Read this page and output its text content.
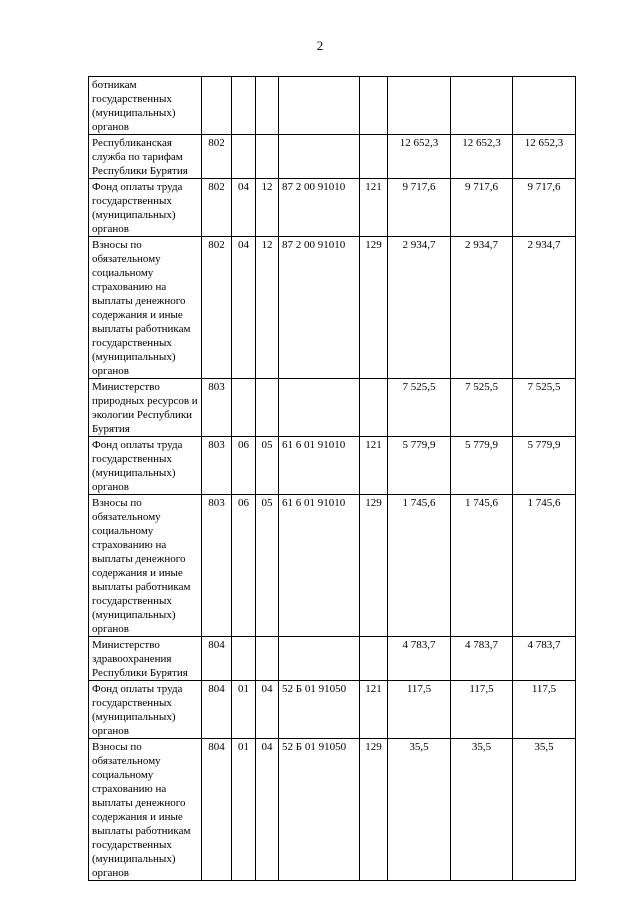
2
ботникам государственных (муниципальных) органов								
Республиканская служба по тарифам Республики Бурятия	802					12 652,3	12 652,3	12 652,3
Фонд оплаты труда государственных (муниципальных) органов	802	04	12	87 2 00 91010	121	9 717,6	9 717,6	9 717,6
Взносы по обязательному социальному страхованию на выплаты денежного содержания и иные выплаты работникам государственных (муниципальных) органов	802	04	12	87 2 00 91010	129	2 934,7	2 934,7	2 934,7
Министерство природных ресурсов и экологии Республики Бурятия	803					7 525,5	7 525,5	7 525,5
Фонд оплаты труда государственных (муниципальных) органов	803	06	05	61 6 01 91010	121	5 779,9	5 779,9	5 779,9
Взносы по обязательному социальному страхованию на выплаты денежного содержания и иные выплаты работникам государственных (муниципальных) органов	803	06	05	61 6 01 91010	129	1 745,6	1 745,6	1 745,6
Министерство здравоохранения Республики Бурятия	804					4 783,7	4 783,7	4 783,7
Фонд оплаты труда государственных (муниципальных) органов	804	01	04	52 Б 01 91050	121	117,5	117,5	117,5
Взносы по обязательному социальному страхованию на выплаты денежного содержания и иные выплаты работникам государственных (муниципальных) органов	804	01	04	52 Б 01 91050	129	35,5	35,5	35,5
